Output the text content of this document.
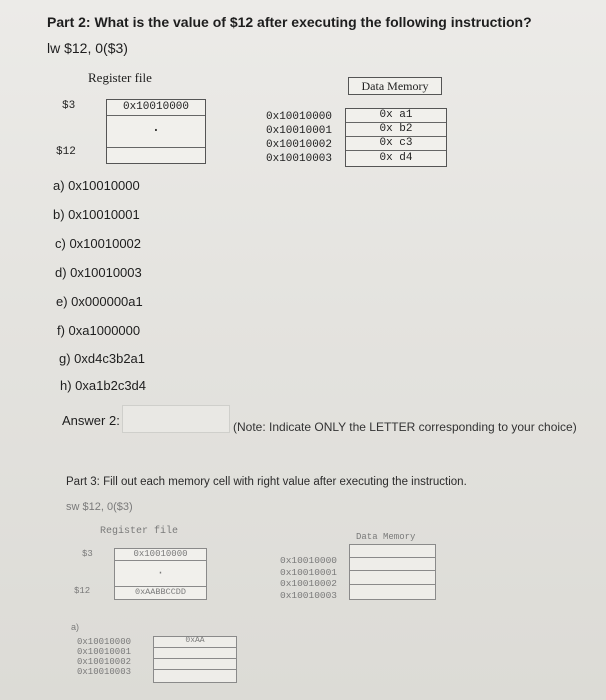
Part 2: What is the value of $12 after executing the following instruction?
lw $12, 0($3)
Register file
Data Memory
$3
$12
0x10010000
·
0x10010000
0x10010001
0x10010002
0x10010003
0x a1
0x b2
0x c3
0x d4
a) 0x10010000
b) 0x10010001
c) 0x10010002
d) 0x10010003
e) 0x000000a1
f) 0xa1000000
g) 0xd4c3b2a1
h) 0xa1b2c3d4
Answer 2:	(Note: Indicate ONLY the LETTER corresponding to your choice)
Part 3: Fill out each memory cell with right value after executing the instruction.
sw $12, 0($3)
Register file	Data Memory
$3
$12
0x10010000
·
0xAABBCCDD
0x10010000
0x10010001
0x10010002
0x10010003
a)
0x10010000
0x10010001
0x10010002
0x10010003
0xAA
